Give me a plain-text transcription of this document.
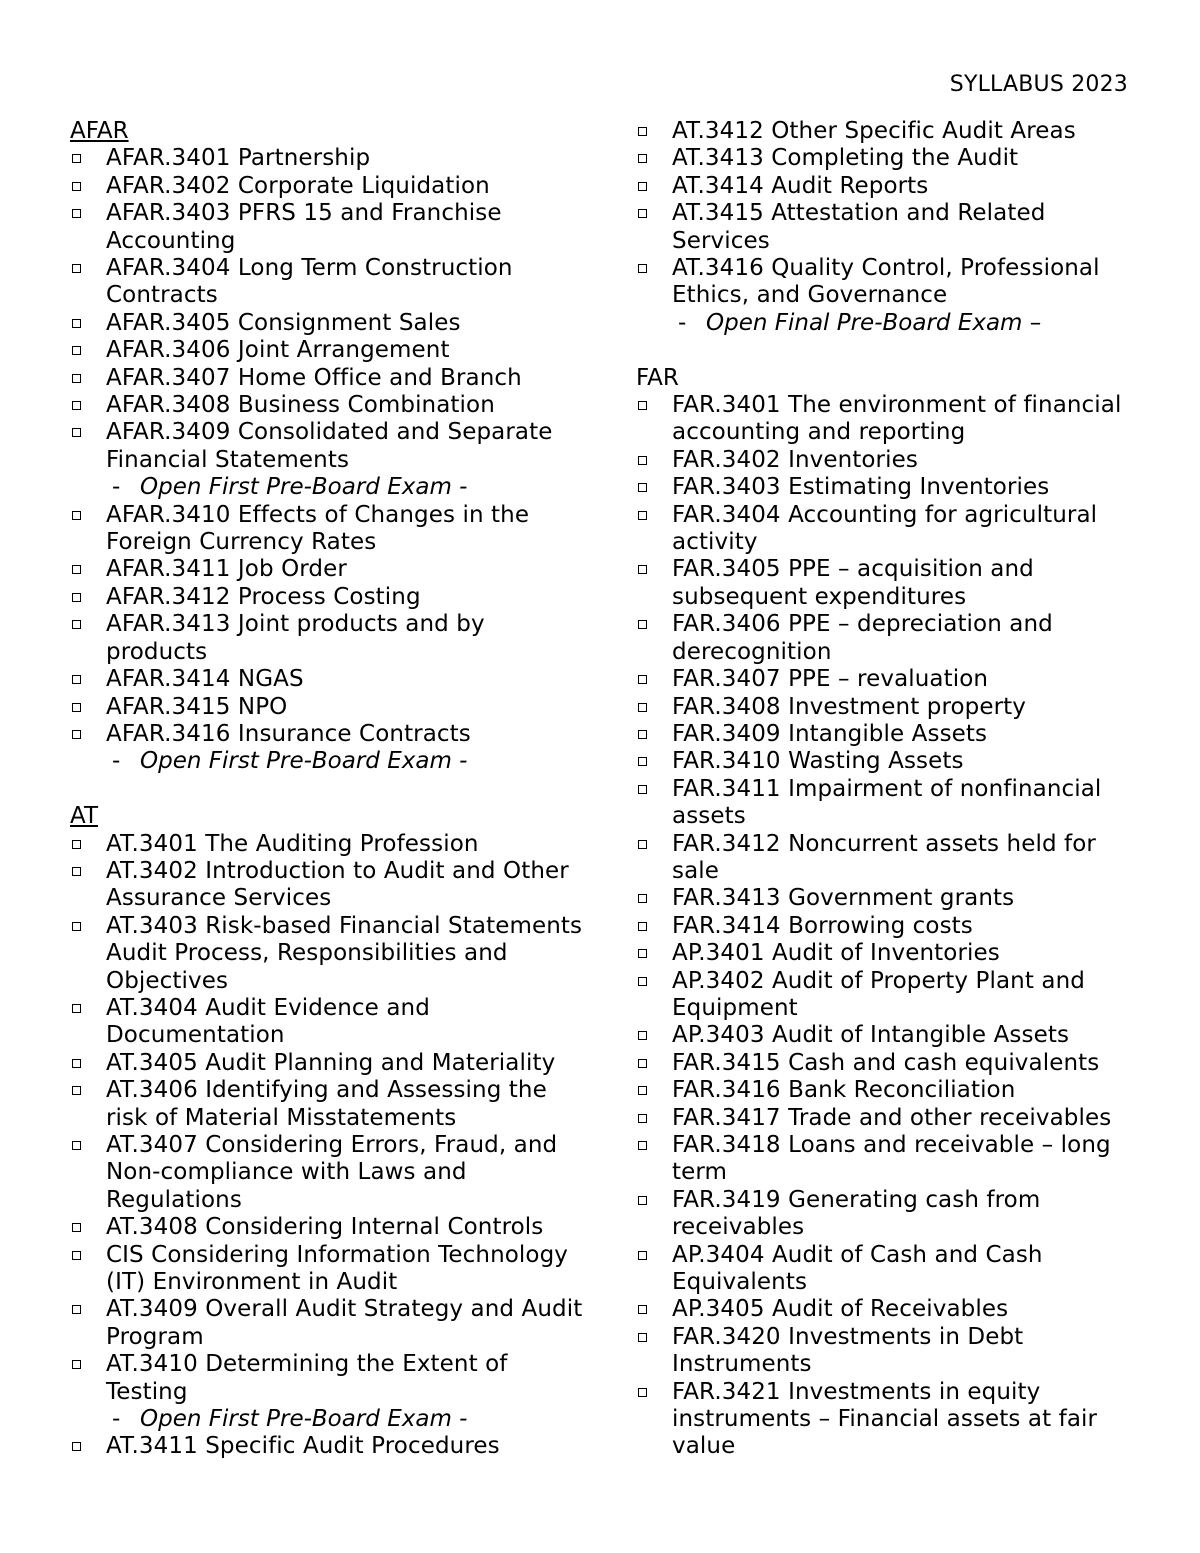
SYLLABUS 2023
AFAR
AFAR.3401 Partnership
AFAR.3402 Corporate Liquidation
AFAR.3403 PFRS 15 and Franchise Accounting
AFAR.3404 Long Term Construction Contracts
AFAR.3405 Consignment Sales
AFAR.3406 Joint Arrangement
AFAR.3407 Home Office and Branch
AFAR.3408 Business Combination
AFAR.3409 Consolidated and Separate Financial Statements
- Open First Pre-Board Exam -
AFAR.3410 Effects of Changes in the Foreign Currency Rates
AFAR.3411 Job Order
AFAR.3412 Process Costing
AFAR.3413 Joint products and by products
AFAR.3414 NGAS
AFAR.3415 NPO
AFAR.3416 Insurance Contracts
- Open First Pre-Board Exam -
AT
AT.3401 The Auditing Profession
AT.3402 Introduction to Audit and Other Assurance Services
AT.3403 Risk-based Financial Statements Audit Process, Responsibilities and Objectives
AT.3404 Audit Evidence and Documentation
AT.3405 Audit Planning and Materiality
AT.3406 Identifying and Assessing the risk of Material Misstatements
AT.3407 Considering Errors, Fraud, and Non-compliance with Laws and Regulations
AT.3408 Considering Internal Controls
CIS Considering Information Technology (IT) Environment in Audit
AT.3409 Overall Audit Strategy and Audit Program
AT.3410 Determining the Extent of Testing
- Open First Pre-Board Exam -
AT.3411 Specific Audit Procedures
AT.3412 Other Specific Audit Areas
AT.3413 Completing the Audit
AT.3414 Audit Reports
AT.3415 Attestation and Related Services
AT.3416 Quality Control, Professional Ethics, and Governance
- Open Final Pre-Board Exam –
FAR
FAR.3401 The environment of financial accounting and reporting
FAR.3402 Inventories
FAR.3403 Estimating Inventories
FAR.3404 Accounting for agricultural activity
FAR.3405 PPE – acquisition and subsequent expenditures
FAR.3406 PPE – depreciation and derecognition
FAR.3407 PPE – revaluation
FAR.3408 Investment property
FAR.3409 Intangible Assets
FAR.3410 Wasting Assets
FAR.3411 Impairment of nonfinancial assets
FAR.3412 Noncurrent assets held for sale
FAR.3413 Government grants
FAR.3414 Borrowing costs
AP.3401 Audit of Inventories
AP.3402 Audit of Property Plant and Equipment
AP.3403 Audit of Intangible Assets
FAR.3415 Cash and cash equivalents
FAR.3416 Bank Reconciliation
FAR.3417 Trade and other receivables
FAR.3418 Loans and receivable – long term
FAR.3419 Generating cash from receivables
AP.3404 Audit of Cash and Cash Equivalents
AP.3405 Audit of Receivables
FAR.3420 Investments in Debt Instruments
FAR.3421 Investments in equity instruments – Financial assets at fair value
